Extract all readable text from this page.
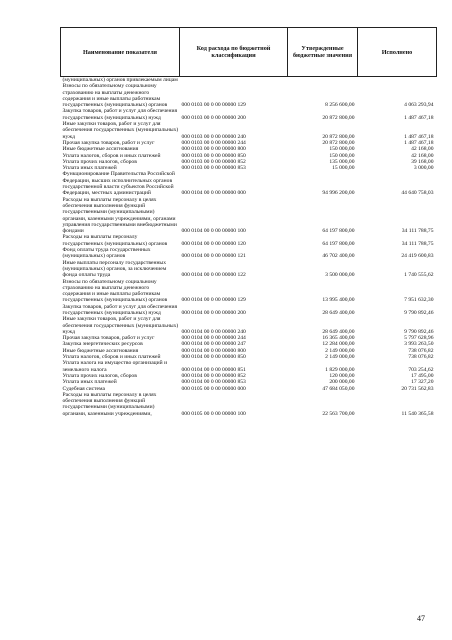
Наименование показателя	Код расхода по бюджетной классификации	Утвержденные бюджетные значения	Исполнено
(муниципальных) органов привлекаемым лицам			
Взносы по обязательному социальному страхованию на выплаты денежного содержания и иные выплаты работникам государственных (муниципальных) органов	000 0103 00 0 00 00000 129	8 256 600,00	4 063 293,94
Закупка товаров, работ и услуг для обеспечения государственных (муниципальных) нужд	000 0103 00 0 00 00000 200	20 872 800,00	1 487 467,18
Иные закупки товаров, работ и услуг для обеспечения государственных (муниципальных) нужд	000 0103 00 0 00 00000 240	20 872 800,00	1 487 467,18
Прочая закупка товаров, работ и услуг	000 0103 00 0 00 00000 244	20 872 800,00	1 487 467,18
Иные бюджетные ассигнования	000 0103 00 0 00 00000 800	150 000,00	42 168,00
Уплата налогов, сборов и иных платежей	000 0103 00 0 00 00000 850	150 000,00	42 168,00
Уплата прочих налогов, сборов	000 0103 00 0 00 00000 852	135 000,00	39 168,00
Уплата иных платежей	000 0103 00 0 00 00000 853	15 000,00	3 000,00
Функционирование Правительства Российской Федерации, высших исполнительных органов государственной власти субъектов Российской Федерации, местных администраций	000 0104 00 0 00 00000 000	94 996 200,00	44 640 758,03
Расходы на выплаты персоналу в целях обеспечения выполнения функций государственными (муниципальными) органами, казенными учреждениями, органами управления государственными внебюджетными фондами	000 0104 00 0 00 00000 100	64 197 800,00	34 111 788,75
Расходы на выплаты персоналу государственных (муниципальных) органов	000 0104 00 0 00 00000 120	64 197 800,00	34 111 788,75
Фонд оплаты труда государственных (муниципальных) органов	000 0104 00 0 00 00000 121	46 702 400,00	24 419 600,83
Иные выплаты персоналу государственных (муниципальных) органов, за исключением фонда оплаты труда	000 0104 00 0 00 00000 122	3 500 000,00	1 740 555,62
Взносы по обязательному социальному страхованию на выплаты денежного содержания и иные выплаты работникам государственных (муниципальных) органов	000 0104 00 0 00 00000 129	13 995 400,00	7 951 632,30
Закупка товаров, работ и услуг для обеспечения государственных (муниципальных) нужд	000 0104 00 0 00 00000 200	28 649 400,00	9 790 892,46
Иные закупки товаров, работ и услуг для обеспечения государственных (муниципальных) нужд	000 0104 00 0 00 00000 240	28 649 400,00	9 790 892,46
Прочая закупка товаров, работ и услуг	000 0104 00 0 00 00000 244	16 365 400,00	5 797 628,96
Закупка энергетических ресурсов	000 0104 00 0 00 00000 247	12 284 000,00	3 993 263,50
Иные бюджетные ассигнования	000 0104 00 0 00 00000 800	2 149 000,00	738 076,82
Уплата налогов, сборов и иных платежей	000 0104 00 0 00 00000 850	2 149 000,00	738 076,82
Уплата налога на имущество организаций и земельного налога	000 0104 00 0 00 00000 851	1 829 000,00	703 254,62
Уплата прочих налогов, сборов	000 0104 00 0 00 00000 852	120 000,00	17 495,00
Уплата иных платежей	000 0104 00 0 00 00000 853	200 000,00	17 327,20
Судебная система	000 0105 00 0 00 00000 000	47 684 050,00	20 731 562,83
Расходы на выплаты персоналу в целях обеспечения выполнения функций государственными (муниципальными) органами, казенными учреждениями,	000 0105 00 0 00 00000 100	22 563 700,00	11 540 365,58
47
